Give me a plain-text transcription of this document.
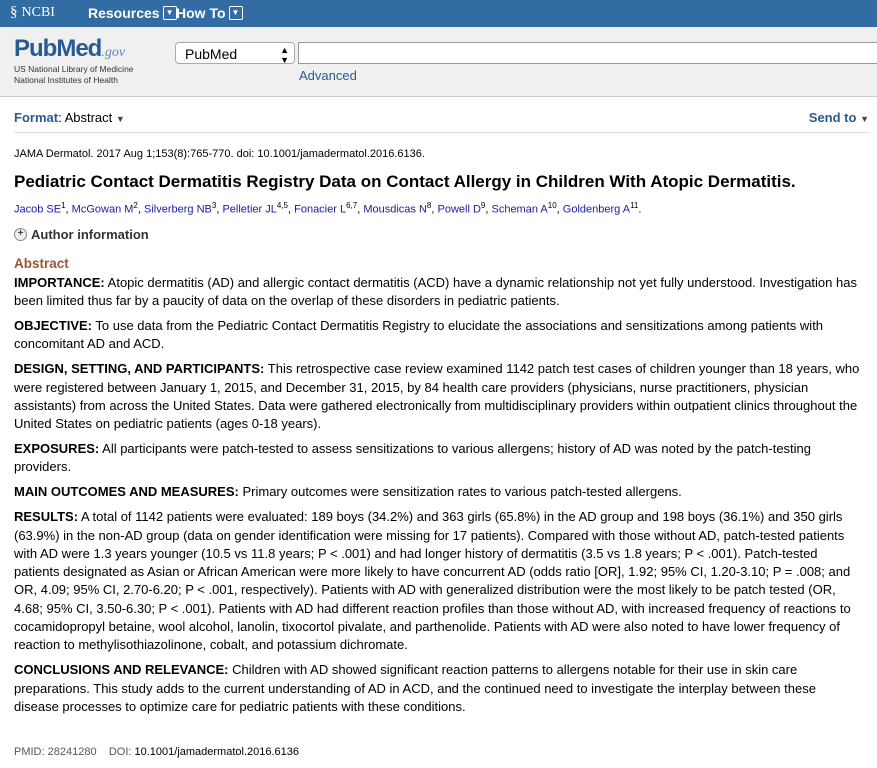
§ NCBI Resources ▼ How To ▼
PubMed.gov
US National Library of Medicine
National Institutes of Health
PubMed	▲
▼
Advanced
Format: Abstract ▼	Send to ▼
JAMA Dermatol. 2017 Aug 1;153(8):765-770. doi: 10.1001/jamadermatol.2016.6136.
Pediatric Contact Dermatitis Registry Data on Contact Allergy in Children With Atopic Dermatitis.
Jacob $SE^1$, McGowan $M^2$, Silverberg $NB^3$, Pelletier JL$^{4,5}$, Fonacier L$^{6,7}$, Mousdicas $N^8$, Powell $D^9$, Scheman $A^{10}$, Goldenberg $A^{11}$.
+ Author information
Abstract

IMPORTANCE: Atopic dermatitis (AD) and allergic contact dermatitis (ACD) have a dynamic relationship not yet fully understood. Investigation has been limited thus far by a paucity of data on the overlap of these disorders in pediatric patients.

OBJECTIVE: To use data from the Pediatric Contact Dermatitis Registry to elucidate the associations and sensitizations among patients with concomitant AD and ACD.

DESIGN, SETTING, AND PARTICIPANTS: This retrospective case review examined 1142 patch test cases of children younger than 18 years, who were registered between January 1, 2015, and December 31, 2015, by 84 health care providers (physicians, nurse practitioners, physician assistants) from across the United States. Data were gathered electronically from multidisciplinary providers within outpatient clinics throughout the United States on pediatric patients (ages 0-18 years).

EXPOSURES: All participants were patch-tested to assess sensitizations to various allergens; history of AD was noted by the patch-testing providers.

MAIN OUTCOMES AND MEASURES: Primary outcomes were sensitization rates to various patch-tested allergens.

RESULTS: A total of 1142 patients were evaluated: 189 boys (34.2%) and 363 girls (65.8%) in the AD group and 198 boys (36.1%) and 350 girls (63.9%) in the non-AD group (data on gender identification were missing for 17 patients). Compared with those without AD, patch-tested patients with AD were 1.3 years younger (10.5 vs 11.8 years; P < .001) and had longer history of dermatitis (3.5 vs 1.8 years; P < .001). Patch-tested patients designated as Asian or African American were more likely to have concurrent AD (odds ratio [OR], 1.92; 95% CI, 1.20-3.10; P = .008; and OR, 4.09; 95% CI, 2.70-6.20; P < .001, respectively). Patients with AD with generalized distribution were the most likely to be patch tested (OR, 4.68; 95% CI, 3.50-6.30; P < .001). Patients with AD had different reaction profiles than those without AD, with increased frequency of reactions to cocamidopropyl betaine, wool alcohol, lanolin, tixocortol pivalate, and parthenolide. Patients with AD were also noted to have lower frequency of reaction to methylisothiazolinone, cobalt, and potassium dichromate.

CONCLUSIONS AND RELEVANCE: Children with AD showed significant reaction patterns to allergens notable for their use in skin care preparations. This study adds to the current understanding of AD in ACD, and the continued need to investigate the interplay between these disease processes to optimize care for pediatric patients with these conditions.

PMID: 28241280 DOI: 10.1001/jamadermatol.2016.6136
